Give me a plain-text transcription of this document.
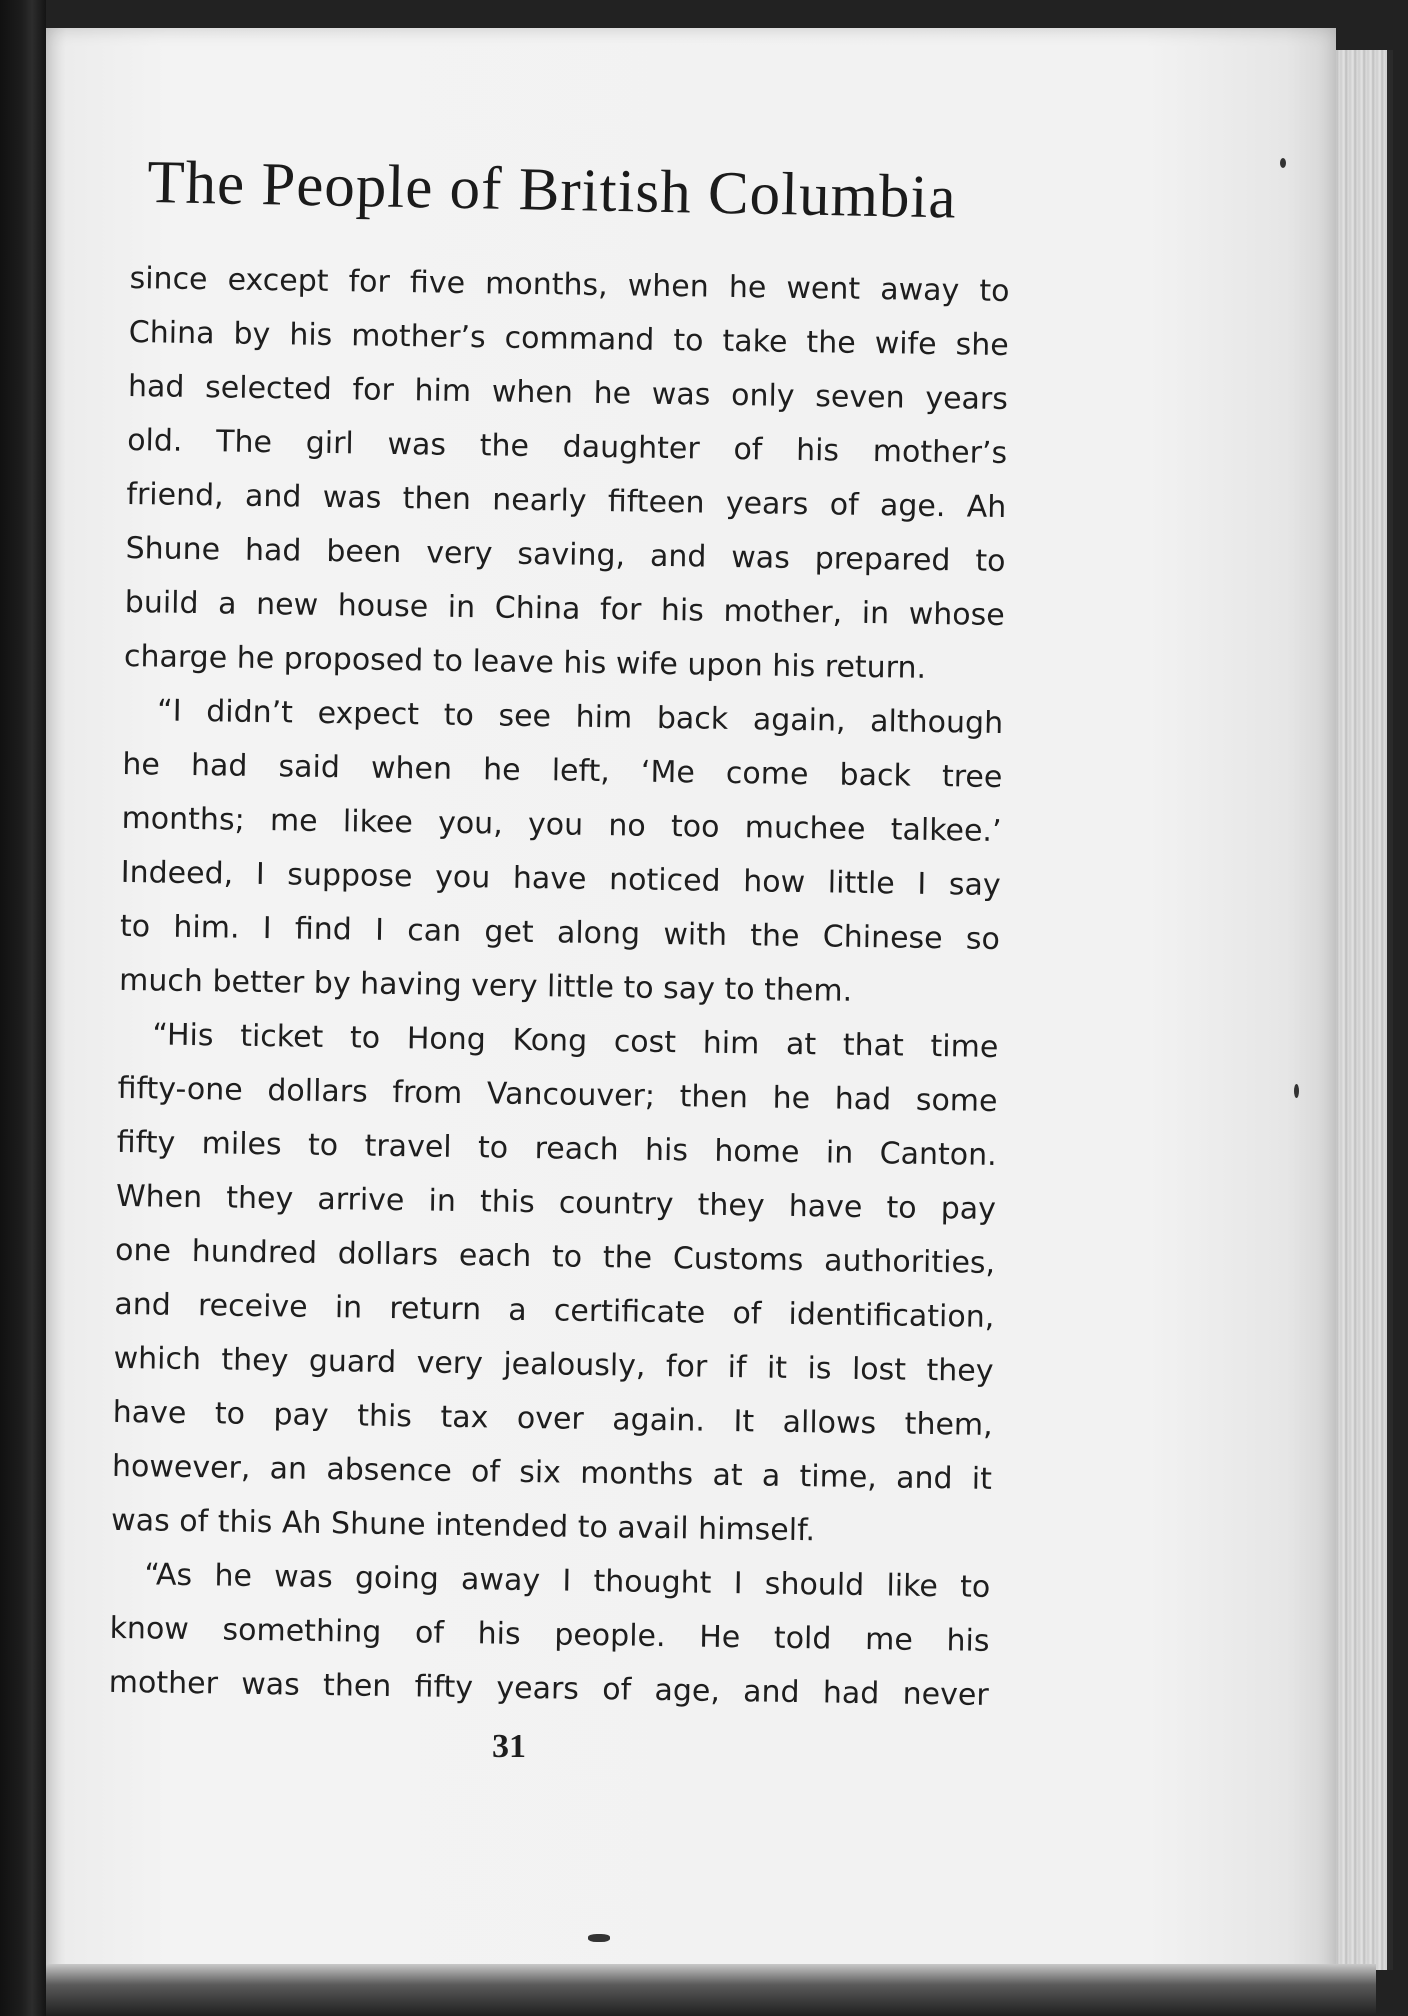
The People of British Columbia
since except for five months, when he went away to
China by his mother’s command to take the wife she
had selected for him when he was only seven years
old. The girl was the daughter of his mother’s
friend, and was then nearly fifteen years of age. Ah
Shune had been very saving, and was prepared to
build a new house in China for his mother, in whose
charge he proposed to leave his wife upon his return.
“I didn’t expect to see him back again, although
he had said when he left, ‘Me come back tree
months; me likee you, you no too muchee talkee.’
Indeed, I suppose you have noticed how little I say
to him. I find I can get along with the Chinese so
much better by having very little to say to them.
“His ticket to Hong Kong cost him at that time
fifty-one dollars from Vancouver; then he had some
fifty miles to travel to reach his home in Canton.
When they arrive in this country they have to pay
one hundred dollars each to the Customs authorities,
and receive in return a certificate of identification,
which they guard very jealously, for if it is lost they
have to pay this tax over again. It allows them,
however, an absence of six months at a time, and it
was of this Ah Shune intended to avail himself.
“As he was going away I thought I should like to
know something of his people. He told me his
mother was then fifty years of age, and had never
31
